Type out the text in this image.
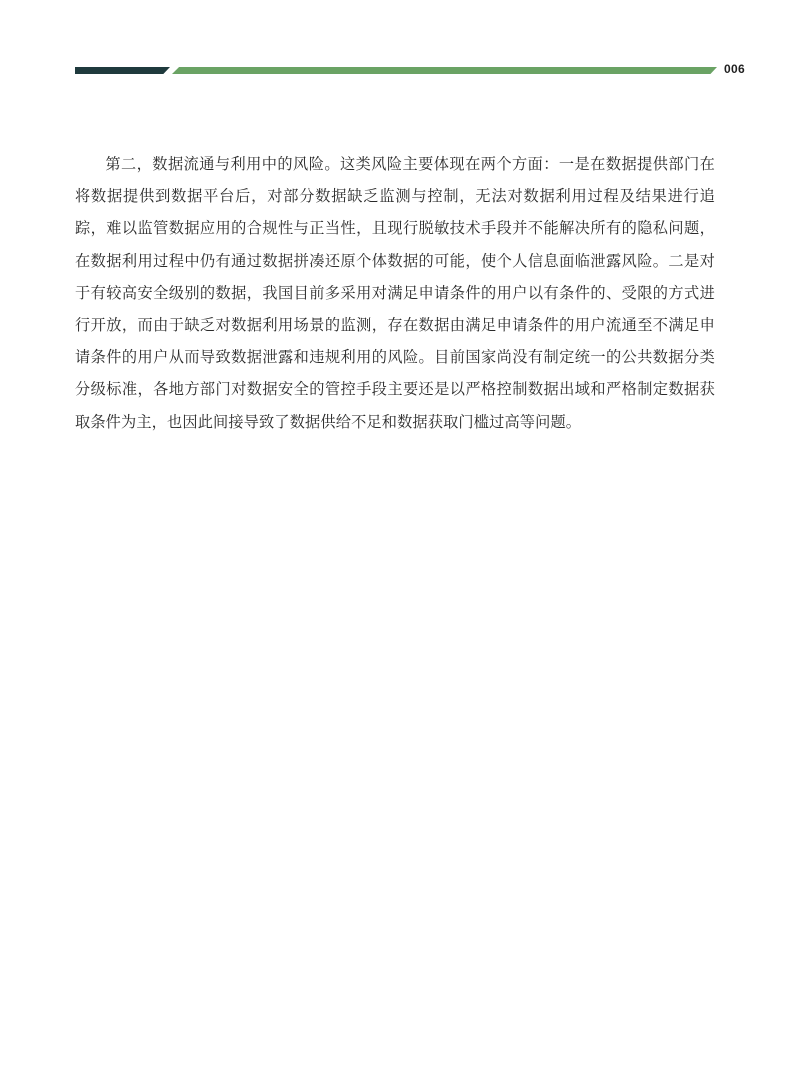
006

第二，数据流通与利用中的风险。这类风险主要体现在两个方面：一是在数据提供部门在将数据提供到数据平台后，对部分数据缺乏监测与控制，无法对数据利用过程及结果进行追踪，难以监管数据应用的合规性与正当性，且现行脱敏技术手段并不能解决所有的隐私问题，在数据利用过程中仍有通过数据拼凑还原个体数据的可能，使个人信息面临泄露风险。二是对于有较高安全级别的数据，我国目前多采用对满足申请条件的用户以有条件的、受限的方式进行开放，而由于缺乏对数据利用场景的监测，存在数据由满足申请条件的用户流通至不满足申请条件的用户从而导致数据泄露和违规利用的风险。目前国家尚没有制定统一的公共数据分类分级标准，各地方部门对数据安全的管控手段主要还是以严格控制数据出域和严格制定数据获取条件为主，也因此间接导致了数据供给不足和数据获取门槛过高等问题。
